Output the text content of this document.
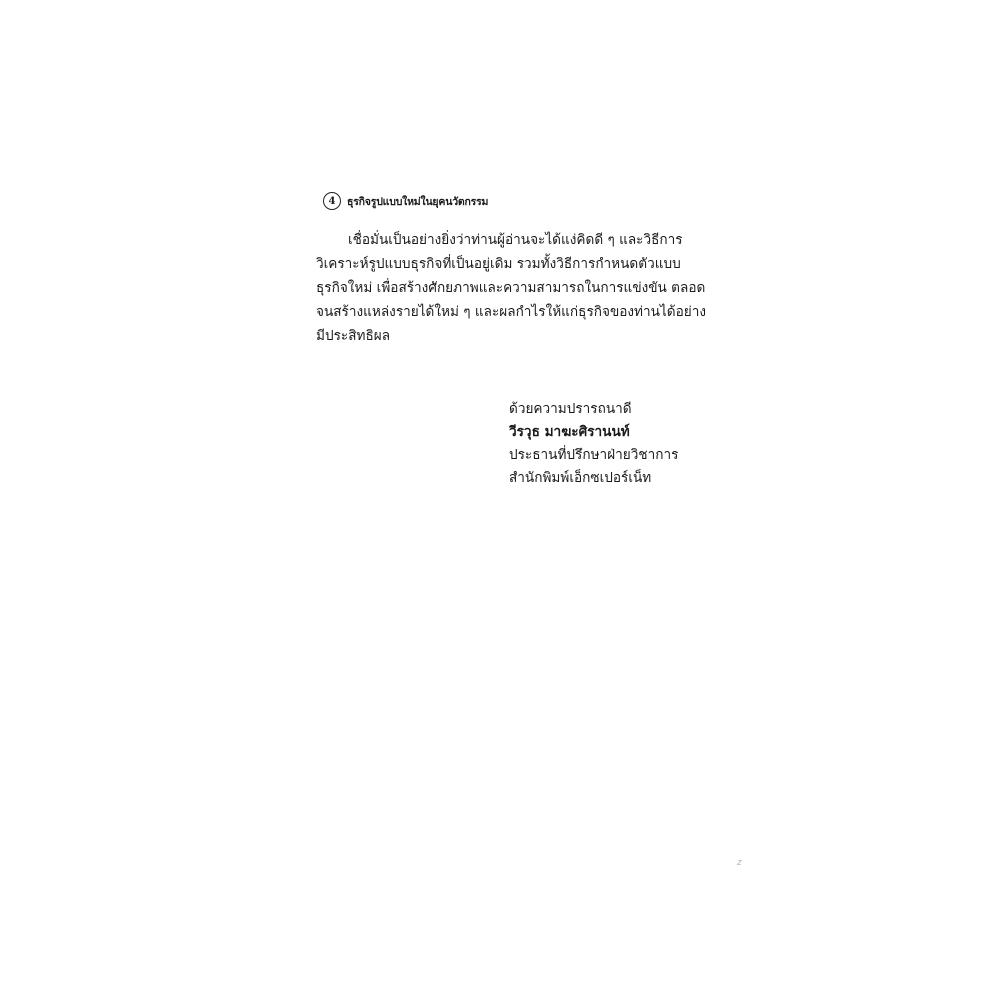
4	ธุรกิจรูปแบบใหม่ในยุคนวัตกรรม
เชื่อมั่นเป็นอย่างยิ่งว่าท่านผู้อ่านจะได้แง่คิดดี ๆ และวิธีการ
วิเคราะห์รูปแบบธุรกิจที่เป็นอยู่เดิม รวมทั้งวิธีการกำหนดตัวแบบ
ธุรกิจใหม่ เพื่อสร้างศักยภาพและความสามารถในการแข่งขัน ตลอด
จนสร้างแหล่งรายได้ใหม่ ๆ และผลกำไรให้แก่ธุรกิจของท่านได้อย่าง
มีประสิทธิผล
ด้วยความปรารถนาดี
วีรวุธ มาฆะศิรานนท์
ประธานที่ปรึกษาฝ่ายวิชาการ
สำนักพิมพ์เอ็กซเปอร์เน็ท
z
